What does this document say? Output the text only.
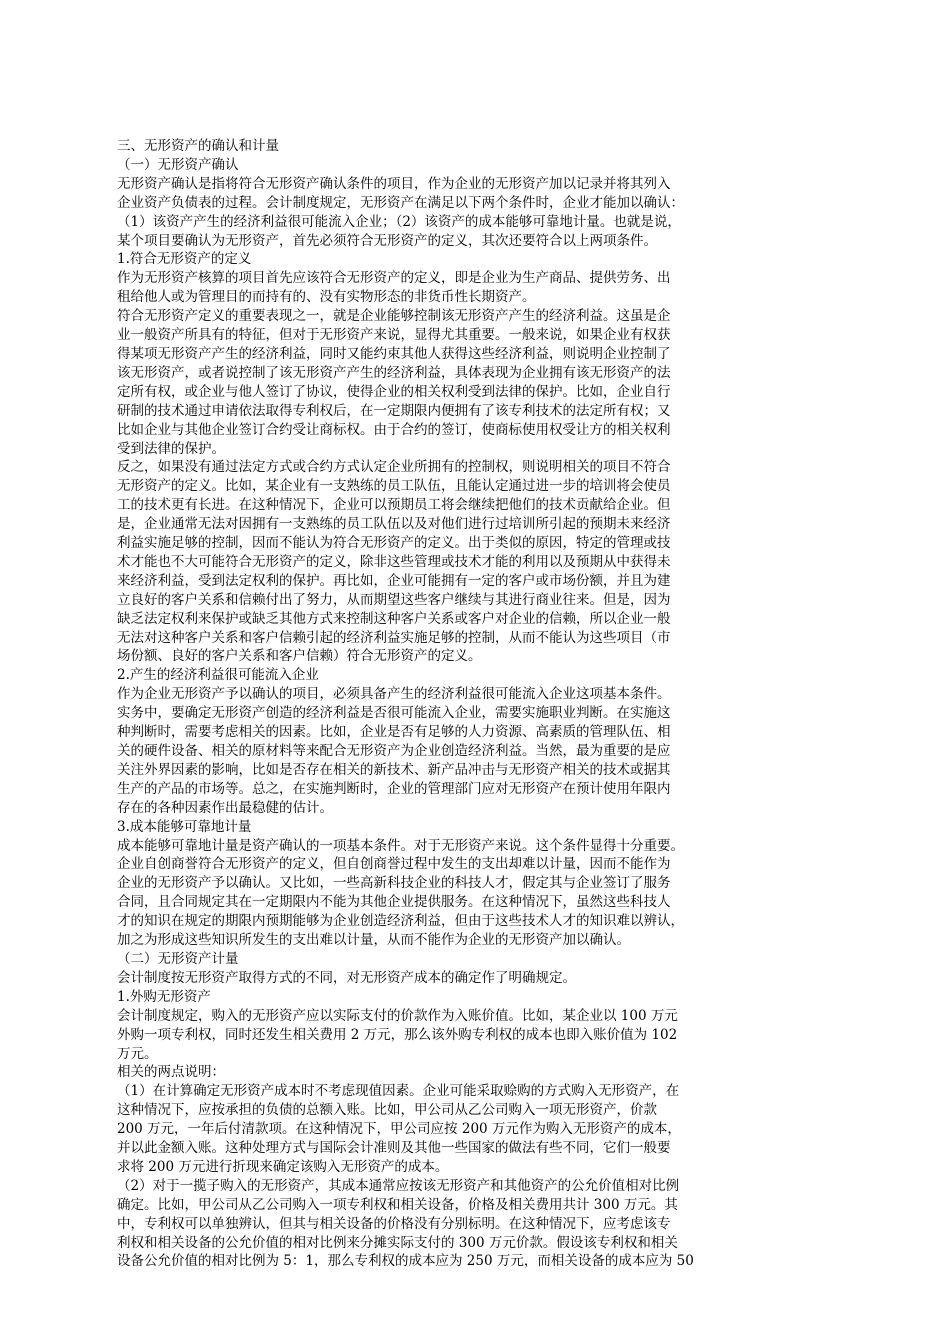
三、无形资产的确认和计量
（一）无形资产确认
无形资产确认是指将符合无形资产确认条件的项目，作为企业的无形资产加以记录并将其列入
企业资产负债表的过程。会计制度规定，无形资产在满足以下两个条件时，企业才能加以确认：
（1）该资产产生的经济利益很可能流入企业；（2）该资产的成本能够可靠地计量。也就是说，
某个项目要确认为无形资产，首先必须符合无形资产的定义，其次还要符合以上两项条件。
1.符合无形资产的定义
作为无形资产核算的项目首先应该符合无形资产的定义，即是企业为生产商品、提供劳务、出
租给他人或为管理目的而持有的、没有实物形态的非货币性长期资产。
符合无形资产定义的重要表现之一，就是企业能够控制该无形资产产生的经济利益。这虽是企
业一般资产所具有的特征，但对于无形资产来说，显得尤其重要。一般来说，如果企业有权获
得某项无形资产产生的经济利益，同时又能约束其他人获得这些经济利益，则说明企业控制了
该无形资产，或者说控制了该无形资产产生的经济利益，具体表现为企业拥有该无形资产的法
定所有权，或企业与他人签订了协议，使得企业的相关权利受到法律的保护。比如，企业自行
研制的技术通过申请依法取得专利权后，在一定期限内便拥有了该专利技术的法定所有权；又
比如企业与其他企业签订合约受让商标权。由于合约的签订，使商标使用权受让方的相关权利
受到法律的保护。
反之，如果没有通过法定方式或合约方式认定企业所拥有的控制权，则说明相关的项目不符合
无形资产的定义。比如，某企业有一支熟练的员工队伍，且能认定通过进一步的培训将会使员
工的技术更有长进。在这种情况下，企业可以预期员工将会继续把他们的技术贡献给企业。但
是，企业通常无法对因拥有一支熟练的员工队伍以及对他们进行过培训所引起的预期未来经济
利益实施足够的控制，因而不能认为符合无形资产的定义。出于类似的原因，特定的管理或技
术才能也不大可能符合无形资产的定义，除非这些管理或技术才能的利用以及预期从中获得未
来经济利益，受到法定权利的保护。再比如，企业可能拥有一定的客户或市场份额，并且为建
立良好的客户关系和信赖付出了努力，从而期望这些客户继续与其进行商业往来。但是，因为
缺乏法定权利来保护或缺乏其他方式来控制这种客户关系或客户对企业的信赖，所以企业一般
无法对这种客户关系和客户信赖引起的经济利益实施足够的控制，从而不能认为这些项目（市
场份额、良好的客户关系和客户信赖）符合无形资产的定义。
2.产生的经济利益很可能流入企业
作为企业无形资产予以确认的项目，必须具备产生的经济利益很可能流入企业这项基本条件。
实务中，要确定无形资产创造的经济利益是否很可能流入企业，需要实施职业判断。在实施这
种判断时，需要考虑相关的因素。比如，企业是否有足够的人力资源、高素质的管理队伍、相
关的硬件设备、相关的原材料等来配合无形资产为企业创造经济利益。当然，最为重要的是应
关注外界因素的影响，比如是否存在相关的新技术、新产品冲击与无形资产相关的技术或据其
生产的产品的市场等。总之，在实施判断时，企业的管理部门应对无形资产在预计使用年限内
存在的各种因素作出最稳健的估计。
3.成本能够可靠地计量
成本能够可靠地计量是资产确认的一项基本条件。对于无形资产来说。这个条件显得十分重要。
企业自创商誉符合无形资产的定义，但自创商誉过程中发生的支出却难以计量，因而不能作为
企业的无形资产予以确认。又比如，一些高新科技企业的科技人才，假定其与企业签订了服务
合同，且合同规定其在一定期限内不能为其他企业提供服务。在这种情况下，虽然这些科技人
才的知识在规定的期限内预期能够为企业创造经济利益，但由于这些技术人才的知识难以辨认，
加之为形成这些知识所发生的支出难以计量，从而不能作为企业的无形资产加以确认。
（二）无形资产计量
会计制度按无形资产取得方式的不同，对无形资产成本的确定作了明确规定。
1.外购无形资产
会计制度规定，购入的无形资产应以实际支付的价款作为入账价值。比如，某企业以 100 万元
外购一项专利权，同时还发生相关费用 2 万元，那么该外购专利权的成本也即入账价值为 102
万元。
相关的两点说明：
（1）在计算确定无形资产成本时不考虑现值因素。企业可能采取赊购的方式购入无形资产，在
这种情况下，应按承担的负债的总额入账。比如，甲公司从乙公司购入一项无形资产，价款
200 万元，一年后付清款项。在这种情况下，甲公司应按 200 万元作为购入无形资产的成本，
并以此金额入账。这种处理方式与国际会计准则及其他一些国家的做法有些不同，它们一般要
求将 200 万元进行折现来确定该购入无形资产的成本。
（2）对于一揽子购入的无形资产，其成本通常应按该无形资产和其他资产的公允价值相对比例
确定。比如，甲公司从乙公司购入一项专利权和相关设备，价格及相关费用共计 300 万元。其
中，专利权可以单独辨认，但其与相关设备的价格没有分别标明。在这种情况下，应考虑该专
利权和相关设备的公允价值的相对比例来分摊实际支付的 300 万元价款。假设该专利权和相关
设备公允价值的相对比例为 5：1，那么专利权的成本应为 250 万元，而相关设备的成本应为 50
